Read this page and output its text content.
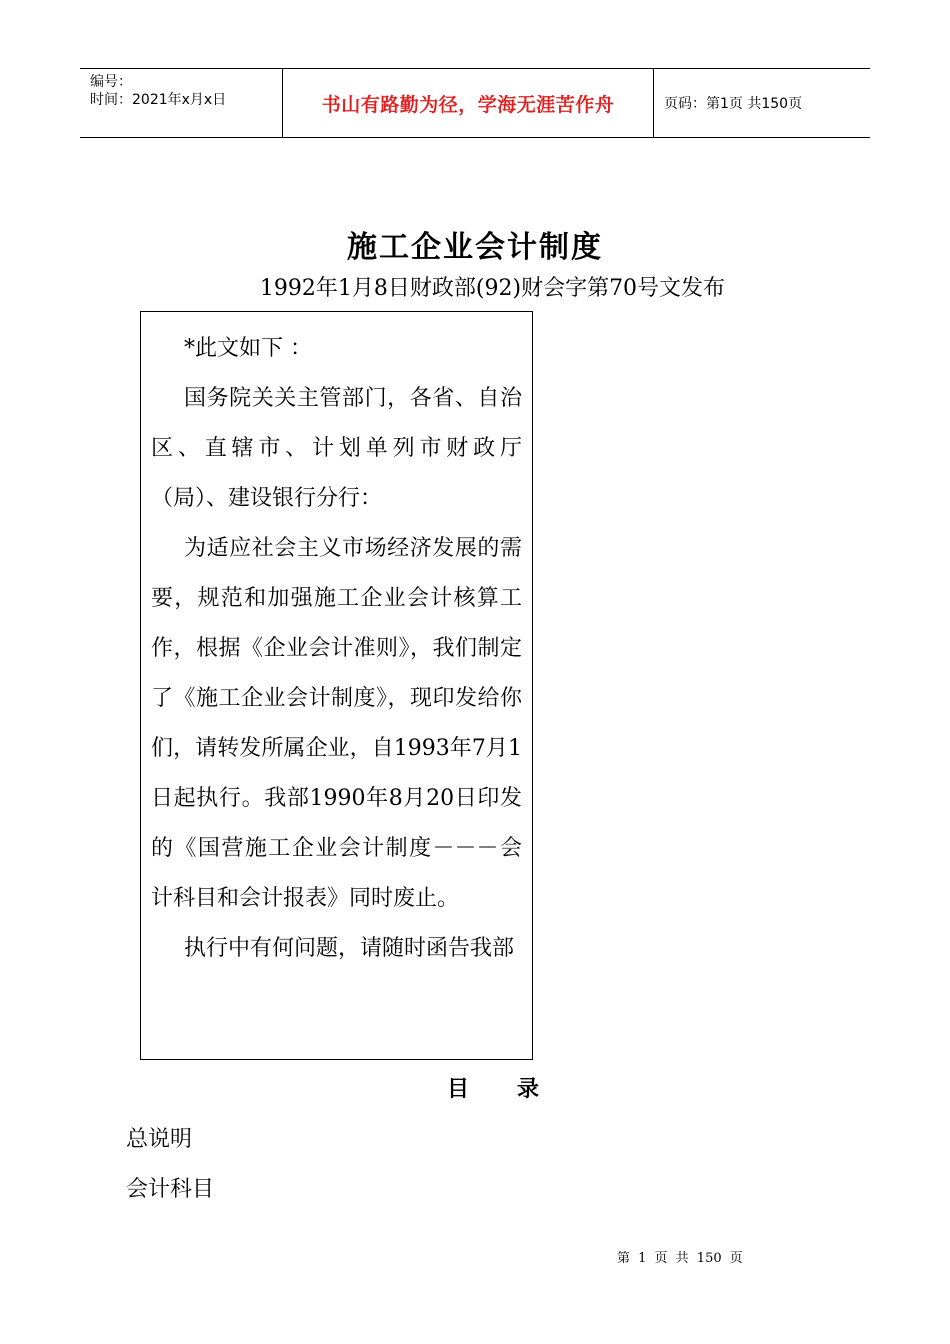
编号：
时间：2021年x月x日	书山有路勤为径，学海无涯苦作舟	页码：第1页 共150页
施工企业会计制度
1992年1月8日财政部(92)财会字第70号文发布

*此文如下 ：

国务院关关主管部门，各省、自治区、直辖市、计划单列市财政厅（局）、建设银行分行：

为适应社会主义市场经济发展的需要，规范和加强施工企业会计核算工作，根据《企业会计准则》，我们制定了《施工企业会计制度》，现印发给你们，请转发所属企业，自1993年7月1日起执行。我部1990年8月20日印发的《国营施工企业会计制度－－－会计科目和会计报表》同时废止。

执行中有何问题，请随时函告我部

目 录
总说明
会计科目
第 1 页 共 150 页
